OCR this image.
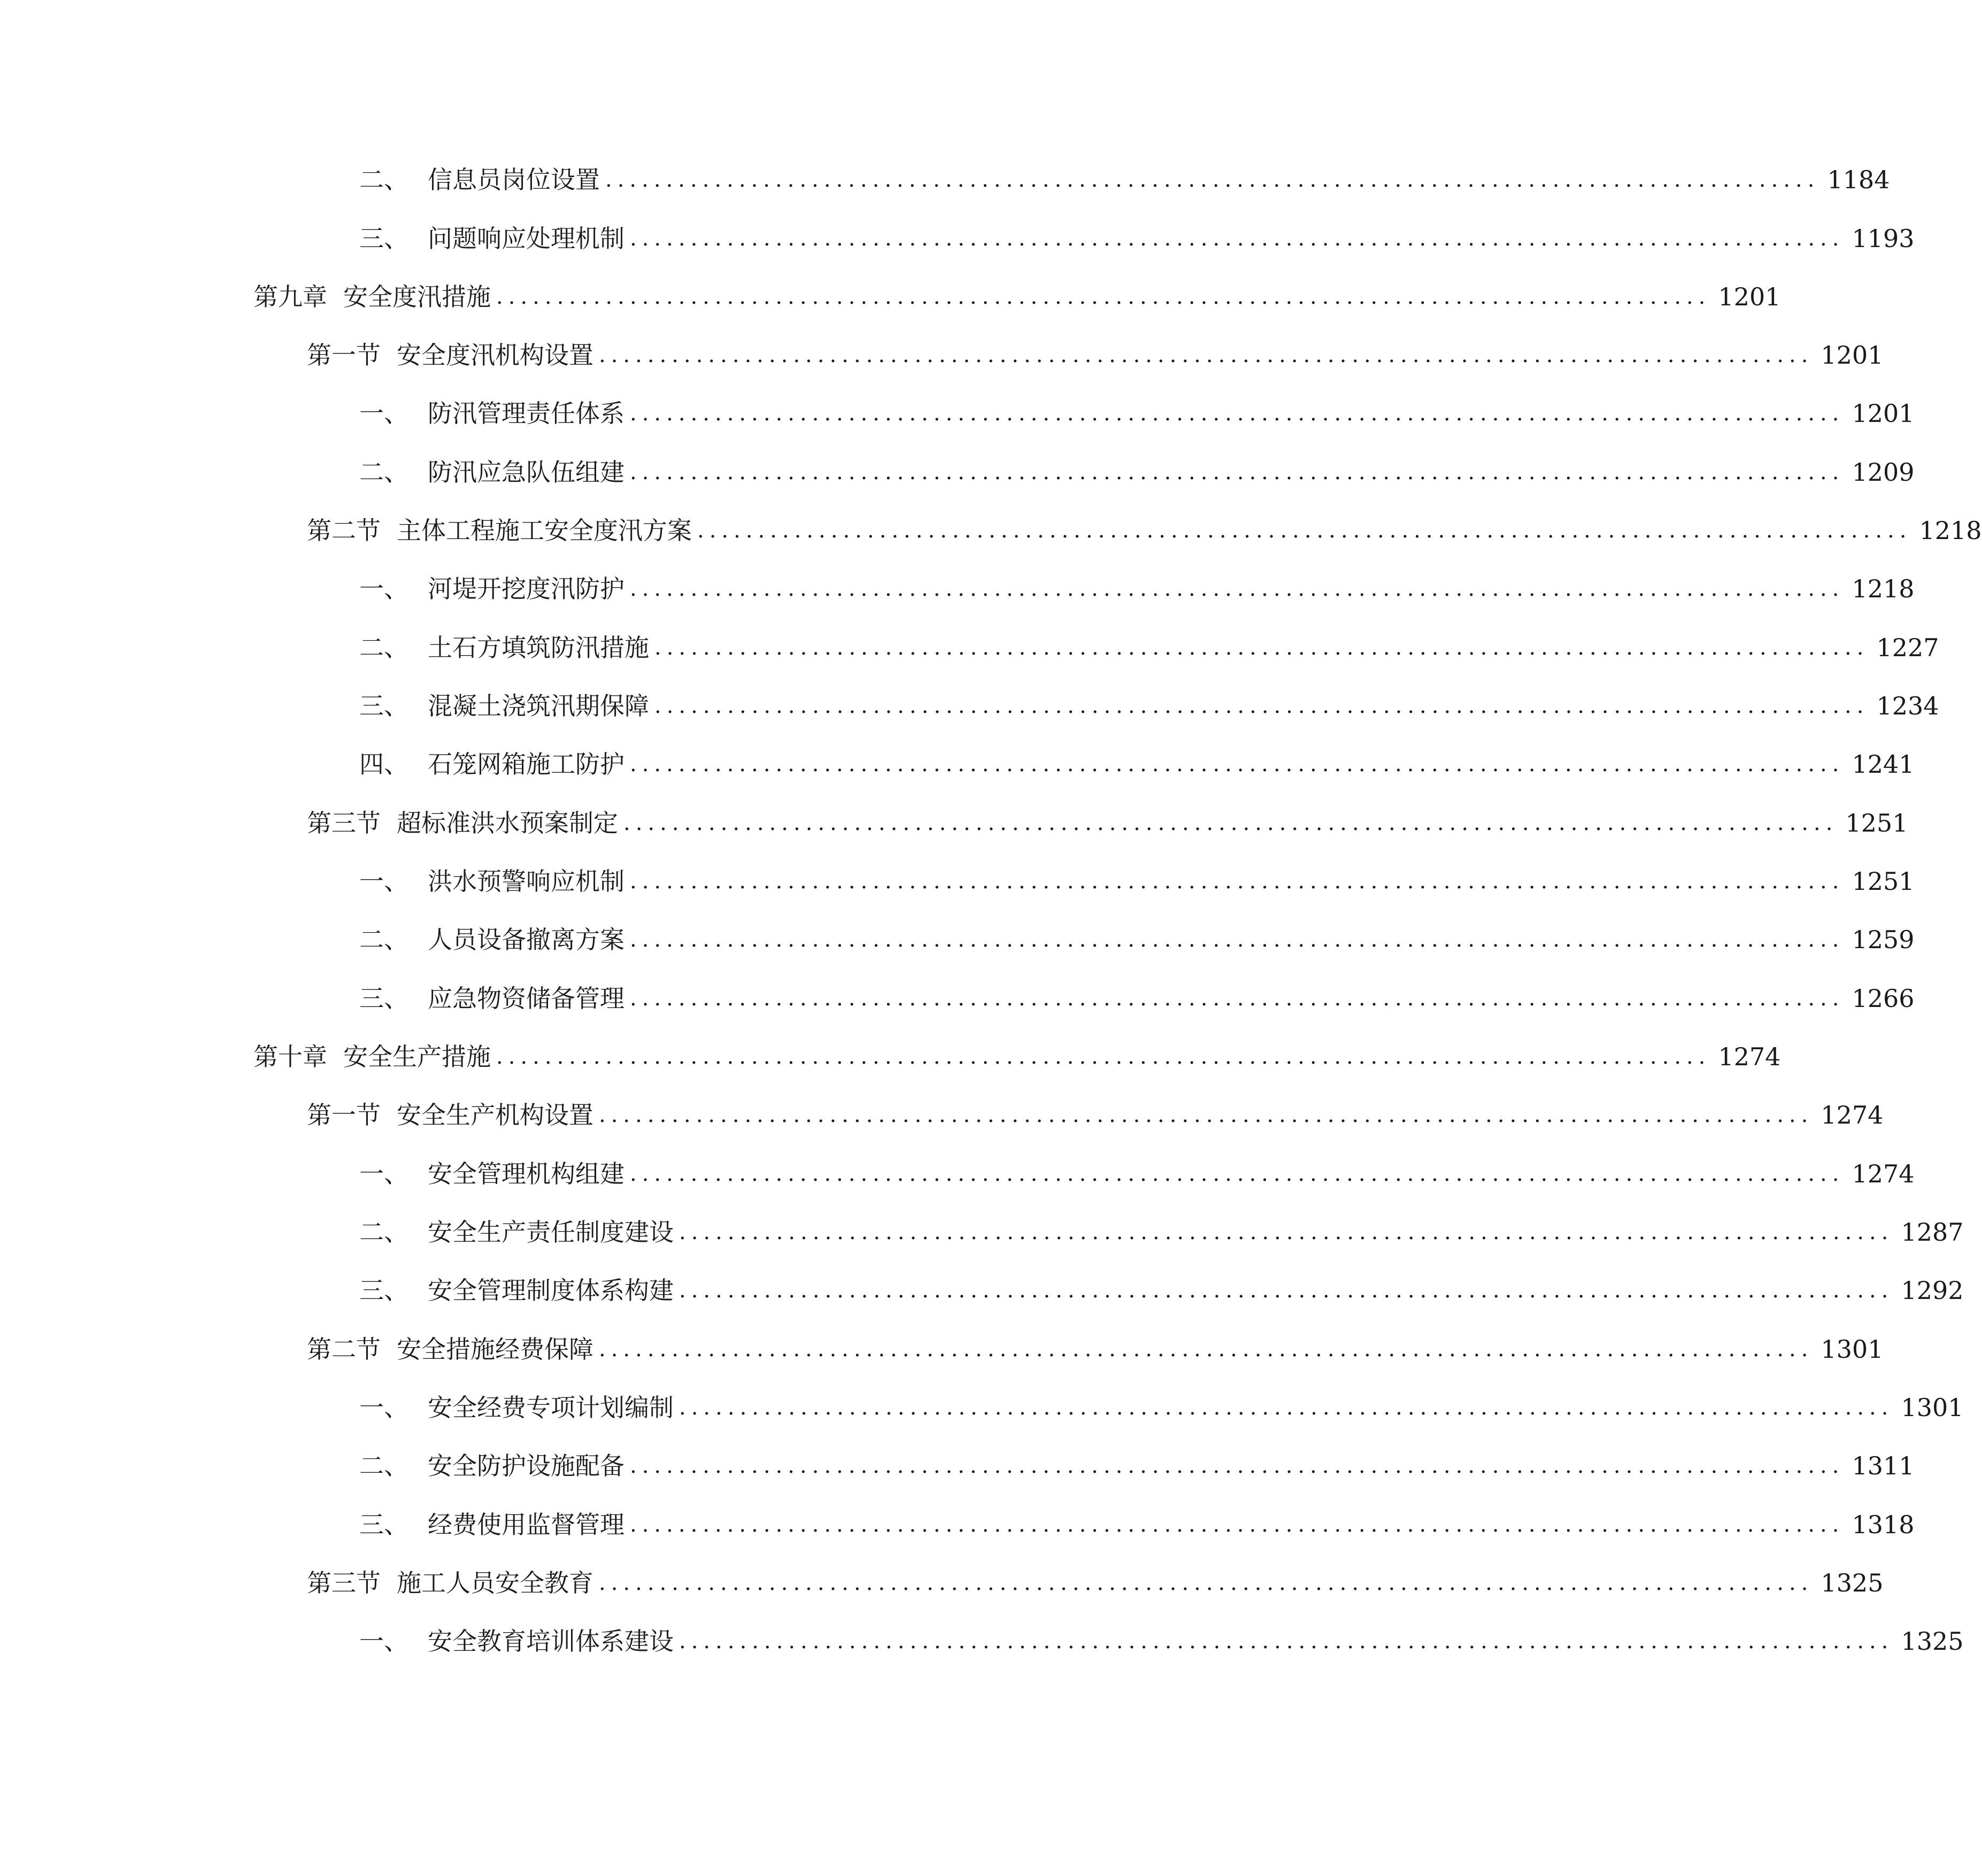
二、 信息员岗位设置 .................................................................................................... 1184
三、 问题响应处理机制 .................................................................................................... 1193
第九章 安全度汛措施 .................................................................................................... 1201
第一节 安全度汛机构设置 .................................................................................................... 1201
一、 防汛管理责任体系 .................................................................................................... 1201
二、 防汛应急队伍组建 .................................................................................................... 1209
第二节 主体工程施工安全度汛方案 .................................................................................................... 1218
一、 河堤开挖度汛防护 .................................................................................................... 1218
二、 土石方填筑防汛措施 .................................................................................................... 1227
三、 混凝土浇筑汛期保障 .................................................................................................... 1234
四、 石笼网箱施工防护 .................................................................................................... 1241
第三节 超标准洪水预案制定 .................................................................................................... 1251
一、 洪水预警响应机制 .................................................................................................... 1251
二、 人员设备撤离方案 .................................................................................................... 1259
三、 应急物资储备管理 .................................................................................................... 1266
第十章 安全生产措施 .................................................................................................... 1274
第一节 安全生产机构设置 .................................................................................................... 1274
一、 安全管理机构组建 .................................................................................................... 1274
二、 安全生产责任制度建设 .................................................................................................... 1287
三、 安全管理制度体系构建 .................................................................................................... 1292
第二节 安全措施经费保障 .................................................................................................... 1301
一、 安全经费专项计划编制 .................................................................................................... 1301
二、 安全防护设施配备 .................................................................................................... 1311
三、 经费使用监督管理 .................................................................................................... 1318
第三节 施工人员安全教育 .................................................................................................... 1325
一、 安全教育培训体系建设 .................................................................................................... 1325
